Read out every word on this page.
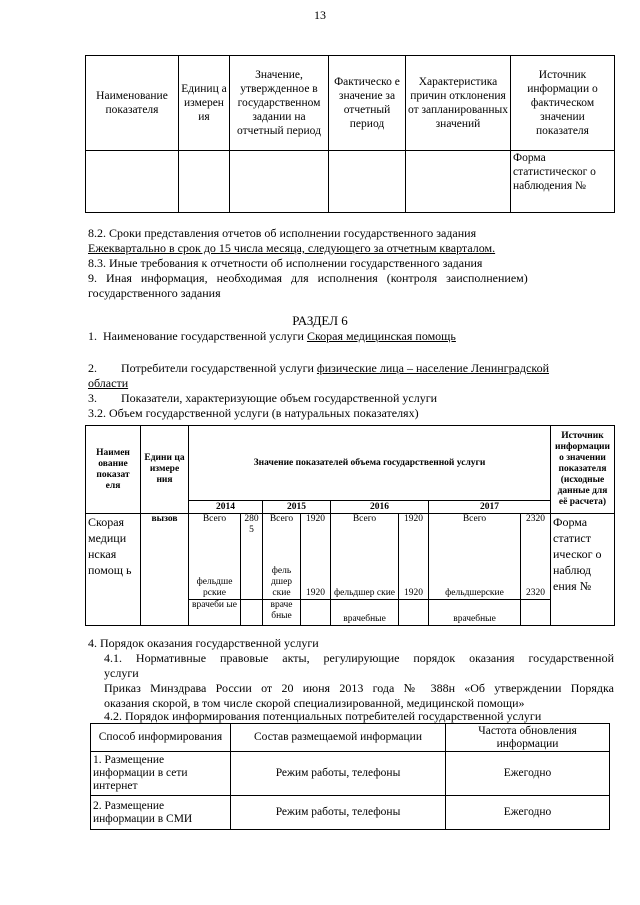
13
Наименование показателя	Единиц а измерен ия	Значение, утвержденное в государственном задании на отчетный период	Фактическо е значение за отчетный период	Характеристика причин отклонения от запланированных значений	Источник информации о фактическом значении показателя
					Форма статистическог о наблюдения №
8.2. Сроки представления отчетов об исполнении государственного задания
Ежеквартально в срок до 15 числа месяца, следующего за отчетным кварталом.
8.3. Иные требования к отчетности об исполнении государственного задания
9.   Иная   информация,   необходимая   для   исполнения   (контроля   заисполнением)
государственного задания
РАЗДЕЛ 6
1.  Наименование государственной услуги Скорая медицинская помощь
2.        Потребители государственной услуги физические лица – население Ленинградской
области
3.        Показатели, характеризующие объем государственной услуги
3.2. Объем государственной услуги (в натуральных показателях)
Наимен ование показат еля	Едини ца измере ния	Значение показателей объема государственной услуги								Источник информации о значении показателя (исходные данные для её расчета)
		2014		2015		2016		2017		
Скорая медици нская помощ ь	вызов	Всего	280 5	Всего	1920	Всего	1920	Всего	2320	Форма статист ическог о наблюд ения №
		фельдше рские		фель дшер ские	1920	фельдшер ские	1920	фельдшерские	2320	
		врачеби ые		враче бные		врачебные		врачебные		
4. Порядок оказания государственной услуги
4.1. Нормативные правовые акты, регулирующие порядок оказания государственной
услуги
Приказ Минздрава России от 20 июня 2013 года № 388н «Об утверждении Порядка
оказания скорой, в том числе скорой специализированной, медицинской помощи»
4.2. Порядок информирования потенциальных потребителей государственной услуги
Способ информирования	Состав размещаемой информации	Частота обновления информации
1. Размещение информации в сети интернет	Режим работы, телефоны	Ежегодно
2. Размещение информации в СМИ	Режим работы, телефоны	Ежегодно
